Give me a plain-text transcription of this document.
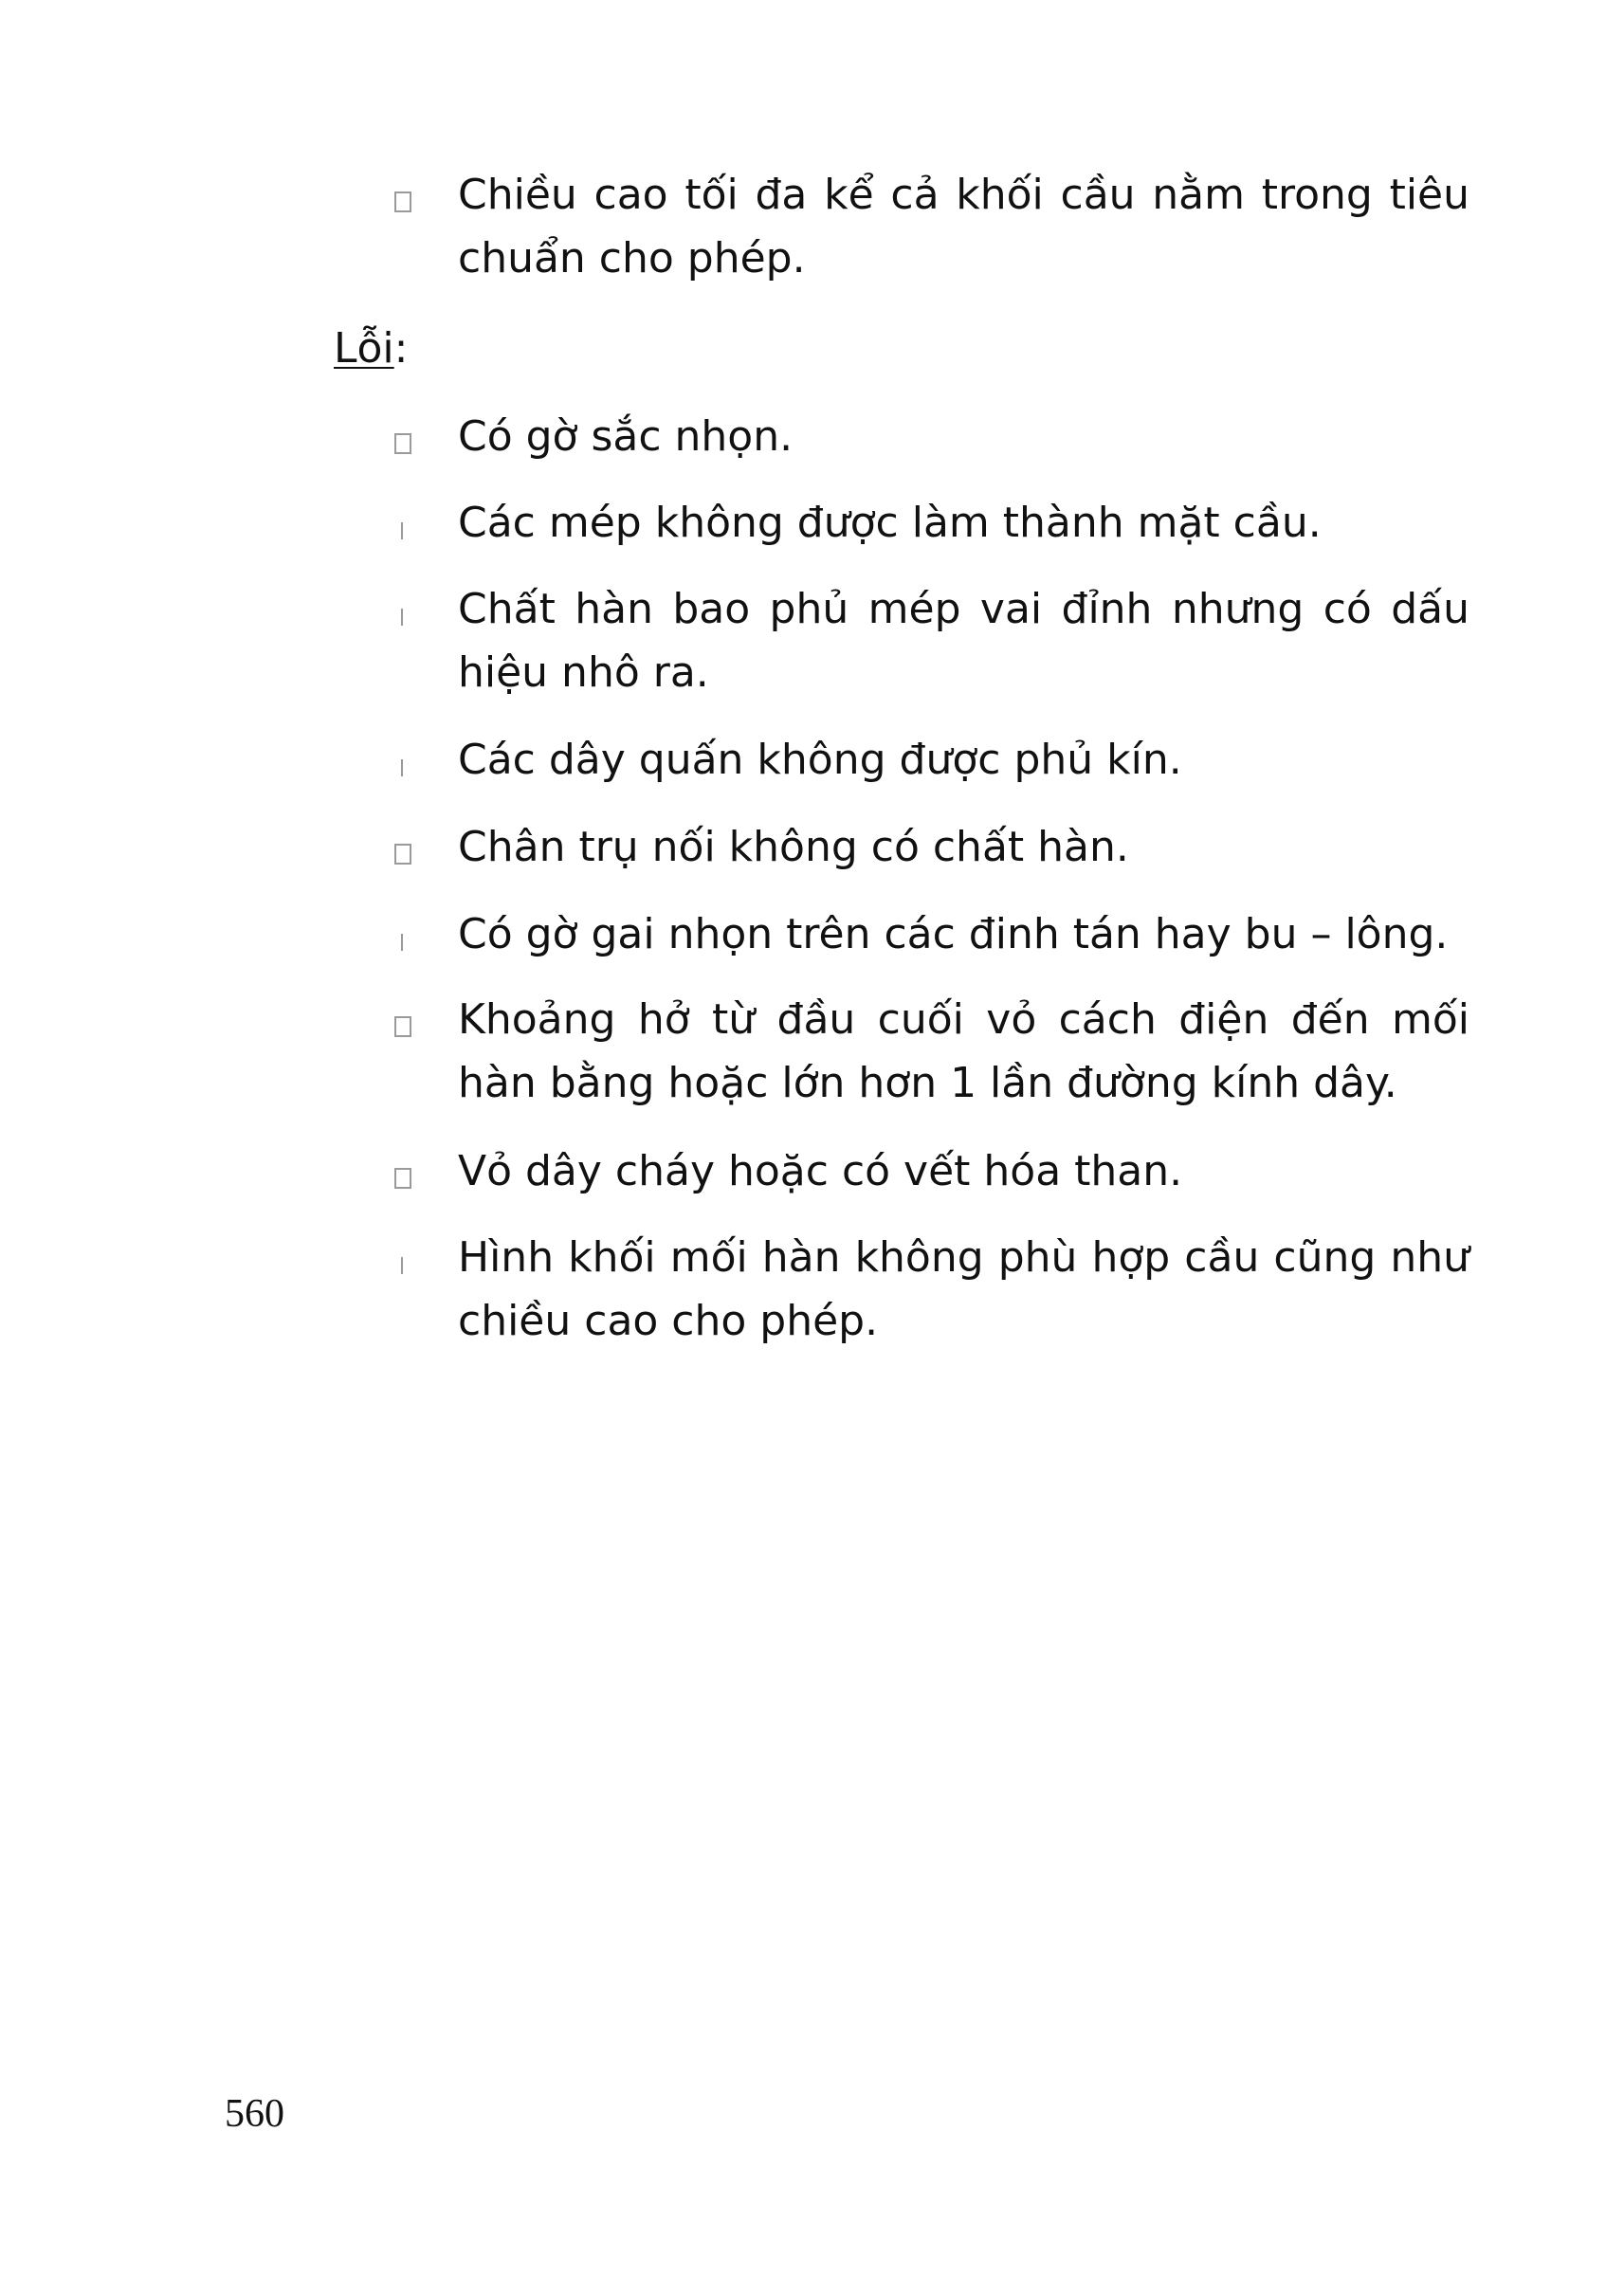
Chiều cao tối đa kể cả khối cầu nằm trong tiêu chuẩn cho phép.
Lỗi:
Có gờ sắc nhọn.
Các mép không được làm thành mặt cầu.
Chất hàn bao phủ mép vai đỉnh nhưng có dấu hiệu nhô ra.
Các dây quấn không được phủ kín.
Chân trụ nối không có chất hàn.
Có gờ gai nhọn trên các đinh tán hay bu – lông.
Khoảng hở từ đầu cuối vỏ cách điện đến mối hàn bằng hoặc lớn hơn 1 lần đường kính dây.
Vỏ dây cháy hoặc có vết hóa than.
Hình khối mối hàn không phù hợp cầu cũng như chiều cao cho phép.
560
